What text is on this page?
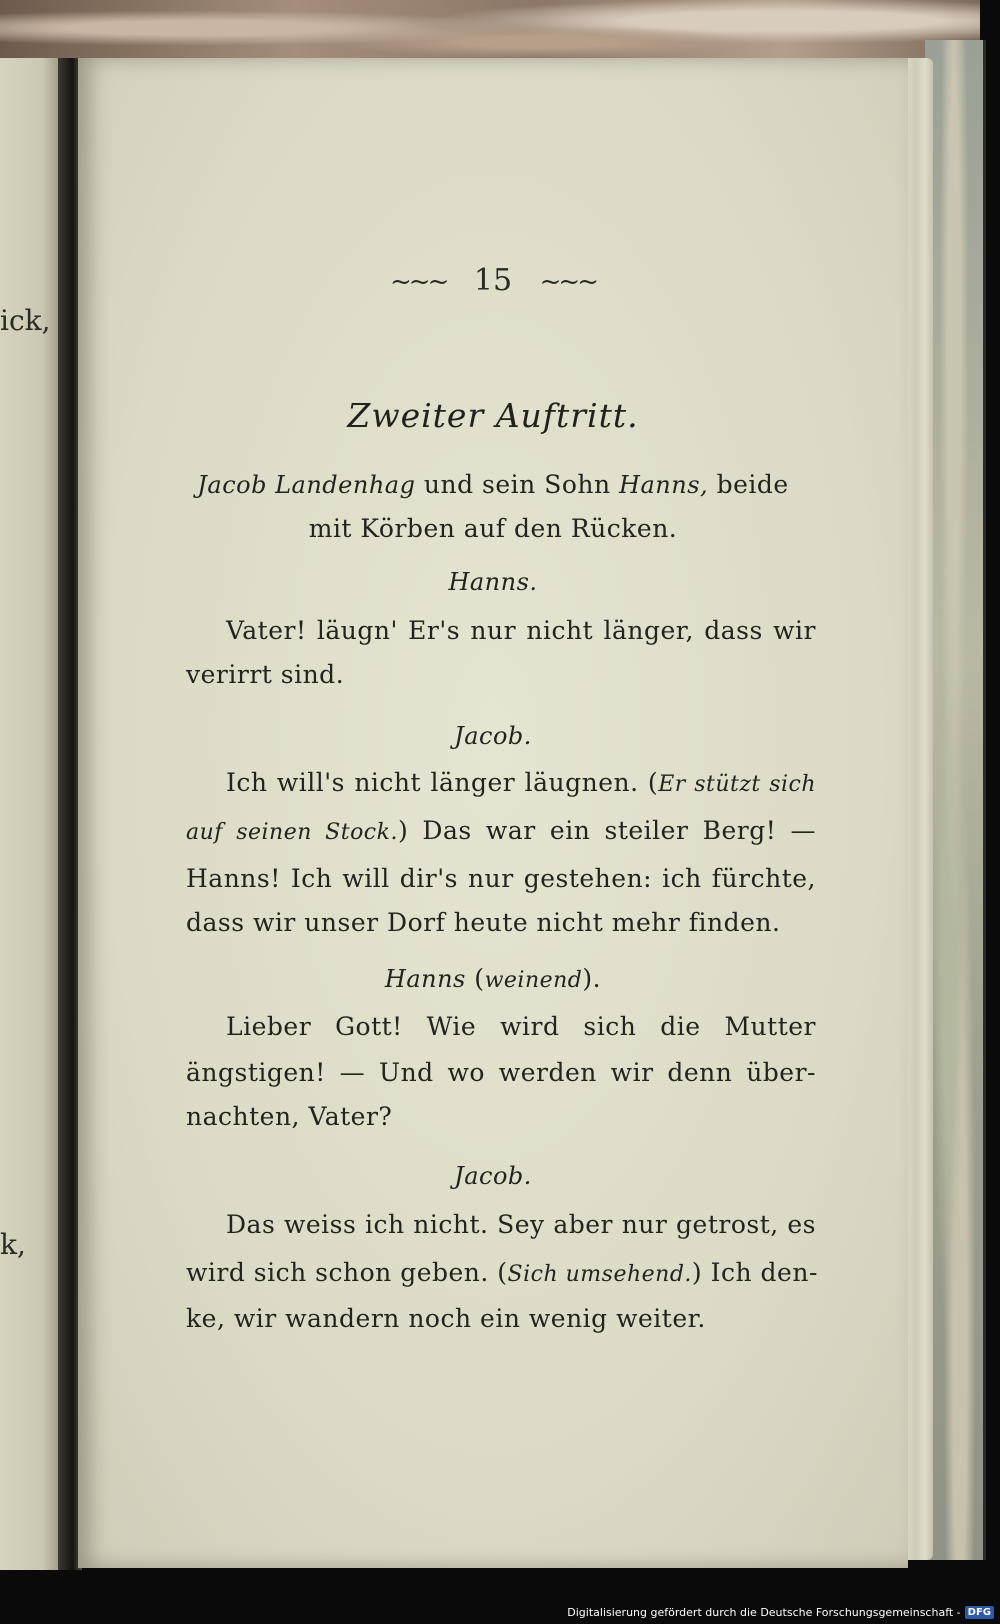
ick,
k,
~~~ 15 ~~~
Zweiter Auftritt.
Jacob Landenhag und sein Sohn Hanns, beide
mit Körben auf den Rücken.
Hanns.
Vater! läugn' Er's nur nicht länger, dass wir
verirrt sind.
Jacob.
Ich will's nicht länger läugnen. (Er stützt sich
auf seinen Stock.) Das war ein steiler Berg! —
Hanns! Ich will dir's nur gestehen: ich fürchte,
dass wir unser Dorf heute nicht mehr finden.
Hanns (weinend).
Lieber Gott! Wie wird sich die Mutter
ängstigen! — Und wo werden wir denn über-
nachten, Vater?
Jacob.
Das weiss ich nicht. Sey aber nur getrost, es
wird sich schon geben. (Sich umsehend.) Ich den-
ke, wir wandern noch ein wenig weiter.
Digitalisierung gefördert durch die Deutsche Forschungsgemeinschaft - DFG
